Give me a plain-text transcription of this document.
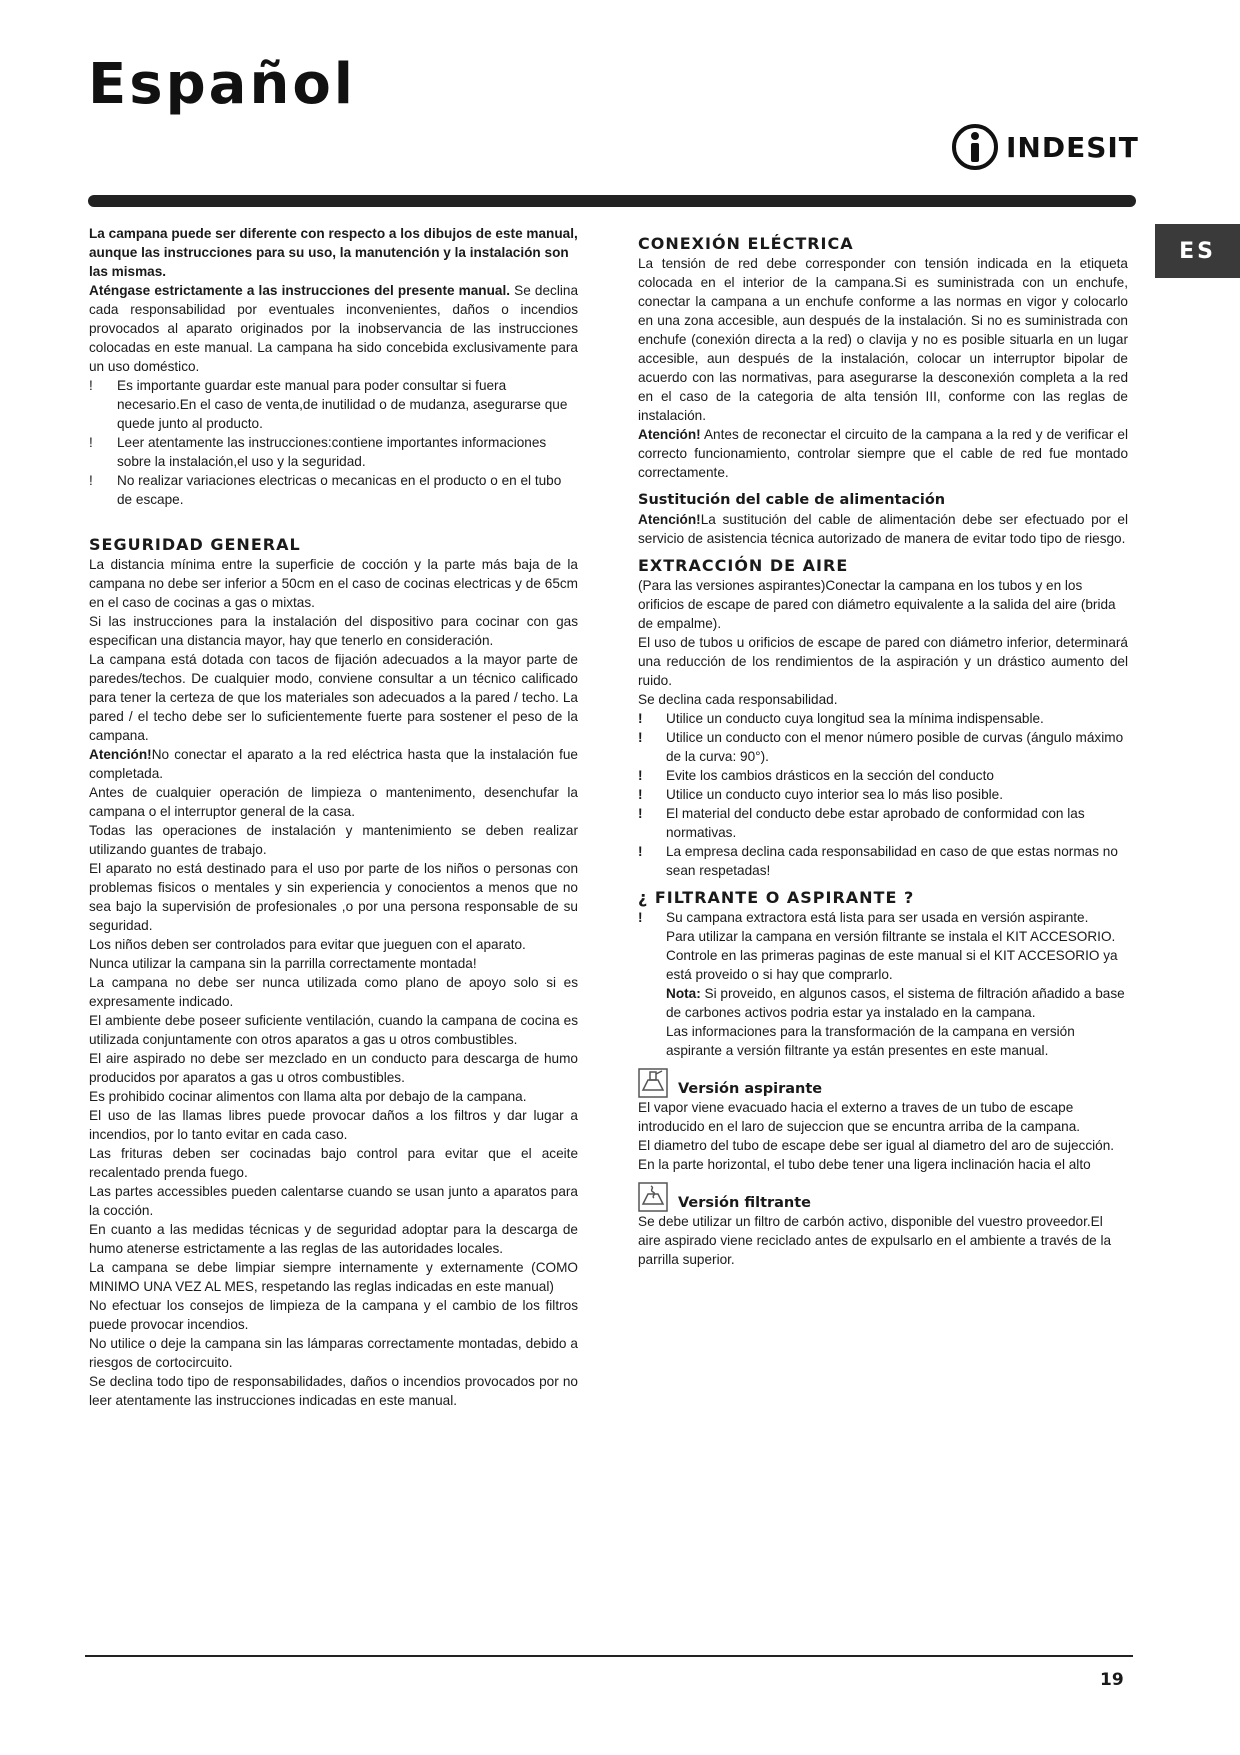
Español
INDESIT
ES

La campana puede ser diferente con respecto a los dibujos de este manual, aunque las instrucciones para su uso, la manutención y la instalación son las mismas.

Aténgase estrictamente a las instrucciones del presente manual. Se declina cada responsabilidad por eventuales inconvenientes, daños o incendios provocados al aparato originados por la inobservancia de las instrucciones colocadas en este manual. La campana ha sido concebida exclusivamente para un uso doméstico.

! Es importante guardar este manual para poder consultar si fuera necesario.En el caso de venta,de inutilidad o de mudanza, asegurarse que quede junto al producto.
! Leer atentamente las instrucciones:contiene importantes informaciones sobre la instalación,el uso y la seguridad.
! No realizar variaciones electricas o mecanicas en el producto o en el tubo de escape.
SEGURIDAD GENERAL

La distancia mínima entre la superficie de cocción y la parte más baja de la campana no debe ser inferior a 50cm en el caso de cocinas electricas y de 65cm en el caso de cocinas a gas o mixtas.

Si las instrucciones para la instalación del dispositivo para cocinar con gas especifican una distancia mayor, hay que tenerlo en consideración.

La campana está dotada con tacos de fijación adecuados a la mayor parte de paredes/techos. De cualquier modo, conviene consultar a un técnico calificado para tener la certeza de que los materiales son adecuados a la pared / techo. La pared / el techo debe ser lo suficientemente fuerte para sostener el peso de la campana.

Atención!No conectar el aparato a la red eléctrica hasta que la instalación fue completada.

Antes de cualquier operación de limpieza o mantenimento, desenchufar la campana o el interruptor general de la casa.

Todas las operaciones de instalación y mantenimiento se deben realizar utilizando guantes de trabajo.

El aparato no está destinado para el uso por parte de los niños o personas con problemas fisicos o mentales y sin experiencia y conocientos a menos que no sea bajo la supervisión de profesionales ,o por una persona responsable de su seguridad.

Los niños deben ser controlados para evitar que jueguen con el aparato.

Nunca utilizar la campana sin la parrilla correctamente montada!

La campana no debe ser nunca utilizada como plano de apoyo solo si es expresamente indicado.

El ambiente debe poseer suficiente ventilación, cuando la campana de cocina es utilizada conjuntamente con otros aparatos a gas u otros combustibles.

El aire aspirado no debe ser mezclado en un conducto para descarga de humo producidos por aparatos a gas u otros combustibles.

Es prohibido cocinar alimentos con llama alta por debajo de la campana.

El uso de las llamas libres puede provocar daños a los filtros y dar lugar a incendios, por lo tanto evitar en cada caso.

Las frituras deben ser cocinadas bajo control para evitar que el aceite recalentado prenda fuego.

Las partes accessibles pueden calentarse cuando se usan junto a aparatos para la cocción.

En cuanto a las medidas técnicas y de seguridad adoptar para la descarga de humo atenerse estrictamente a las reglas de las autoridades locales.

La campana se debe limpiar siempre internamente y externamente (COMO MINIMO UNA VEZ AL MES, respetando las reglas indicadas en este manual)

No efectuar los consejos de limpieza de la campana y el cambio de los filtros puede provocar incendios.

No utilice o deje la campana sin las lámparas correctamente montadas, debido a riesgos de cortocircuito.

Se declina todo tipo de responsabilidades, daños o incendios provocados por no leer atentamente las instrucciones indicadas en este manual.

CONEXIÓN ELÉCTRICA

La tensión de red debe corresponder con tensión indicada en la etiqueta colocada en el interior de la campana.Si es suministrada con un enchufe, conectar la campana a un enchufe conforme a las normas en vigor y colocarlo en una zona accesible, aun después de la instalación. Si no es suministrada con enchufe (conexión directa a la red) o clavija y no es posible situarla en un lugar accesible, aun después de la instalación, colocar un interruptor bipolar de acuerdo con las normativas, para asegurarse la desconexión completa a la red en el caso de la categoria de alta tensión III, conforme con las reglas de instalación.

Atención! Antes de reconectar el circuito de la campana a la red y de verificar el correcto funcionamiento, controlar siempre que el cable de red fue montado correctamente.

Sustitución del cable de alimentación

Atención!La sustitución del cable de alimentación debe ser efectuado por el servicio de asistencia técnica autorizado de manera de evitar todo tipo de riesgo.

EXTRACCIÓN DE AIRE

(Para las versiones aspirantes)Conectar la campana en los tubos y en los orificios de escape de pared con diámetro equivalente a la salida del aire (brida de empalme).

El uso de tubos u orificios de escape de pared con diámetro inferior, determinará una reducción de los rendimientos de la aspiración y un drástico aumento del ruido.

Se declina cada responsabilidad.

! Utilice un conducto cuya longitud sea la mínima indispensable.
! Utilice un conducto con el menor número posible de curvas (ángulo máximo de la curva: 90°).
! Evite los cambios drásticos en la sección del conducto
! Utilice un conducto cuyo interior sea lo más liso posible.
! El material del conducto debe estar aprobado de conformidad con las normativas.
! La empresa declina cada responsabilidad en caso de que estas normas no sean respetadas!
¿ FILTRANTE O ASPIRANTE ?
! Su campana extractora está lista para ser usada en versión aspirante.
Para utilizar la campana en versión filtrante se instala el KIT ACCESORIO.
Controle en las primeras paginas de este manual si el KIT ACCESORIO ya está proveido o si hay que comprarlo.
Nota: Si proveido, en algunos casos, el sistema de filtración añadido a base de carbones activos podria estar ya instalado en la campana.
Las informaciones para la transformación de la campana en versión aspirante a versión filtrante ya están presentes en este manual.
Versión aspirante

El vapor viene evacuado hacia el externo a traves de un tubo de escape introducido en el laro de sujeccion que se encuntra arriba de la campana.

El diametro del tubo de escape debe ser igual al diametro del aro de sujección.

En la parte horizontal, el tubo debe tener una ligera inclinación hacia el alto

Versión filtrante

Se debe utilizar un filtro de carbón activo, disponible del vuestro proveedor.El aire aspirado viene reciclado antes de expulsarlo en el ambiente a través de la parrilla superior.

19
